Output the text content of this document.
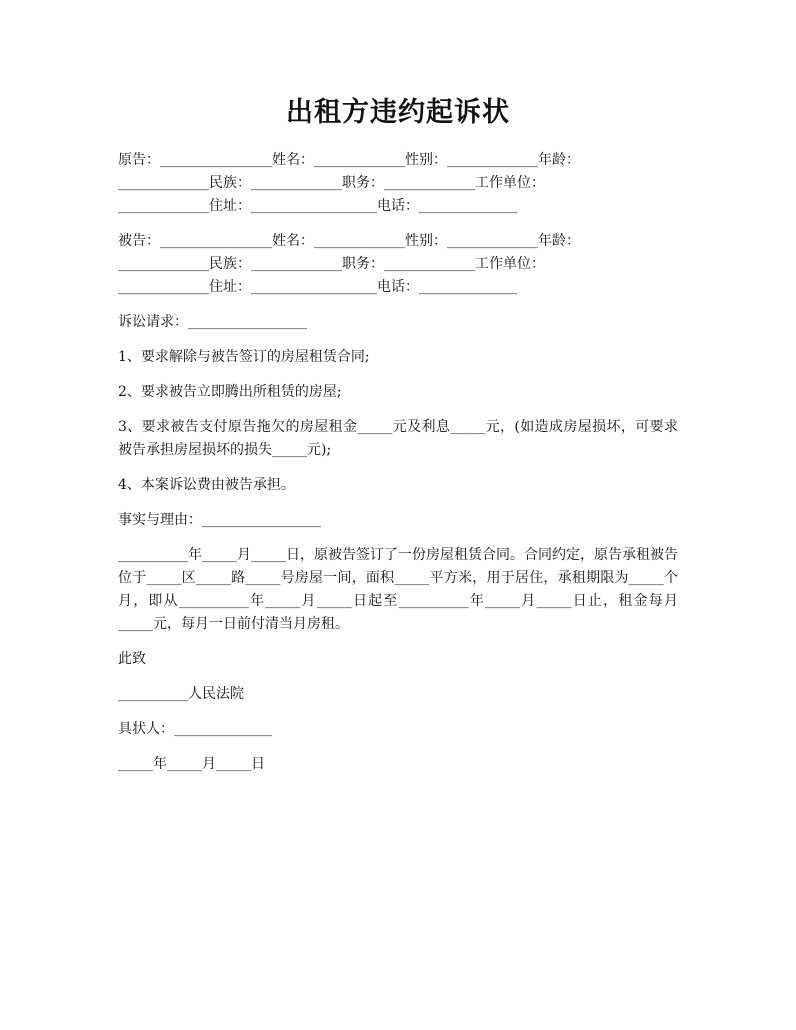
出租方违约起诉状
原告：________________姓名：_____________性别：_____________年龄：
_____________民族：_____________职务：_____________工作单位：
_____________住址：__________________电话：______________
被告：________________姓名：_____________性别：_____________年龄：
_____________民族：_____________职务：_____________工作单位：
_____________住址：__________________电话：______________

诉讼请求：_________________

1、要求解除与被告签订的房屋租赁合同;

2、要求被告立即腾出所租赁的房屋;

3、要求被告支付原告拖欠的房屋租金_____元及利息_____元，(如造成房屋损坏，可要求被告承担房屋损坏的损失_____元);

4、本案诉讼费由被告承担。

事实与理由：_________________

__________年_____月_____日，原被告签订了一份房屋租赁合同。合同约定，原告承租被告位于_____区_____路_____号房屋一间，面积_____平方米，用于居住，承租期限为_____个月，即从__________年_____月_____日起至__________年_____月_____日止，租金每月_____元，每月一日前付清当月房租。

此致

__________人民法院

具状人：______________

_____年_____月_____日
